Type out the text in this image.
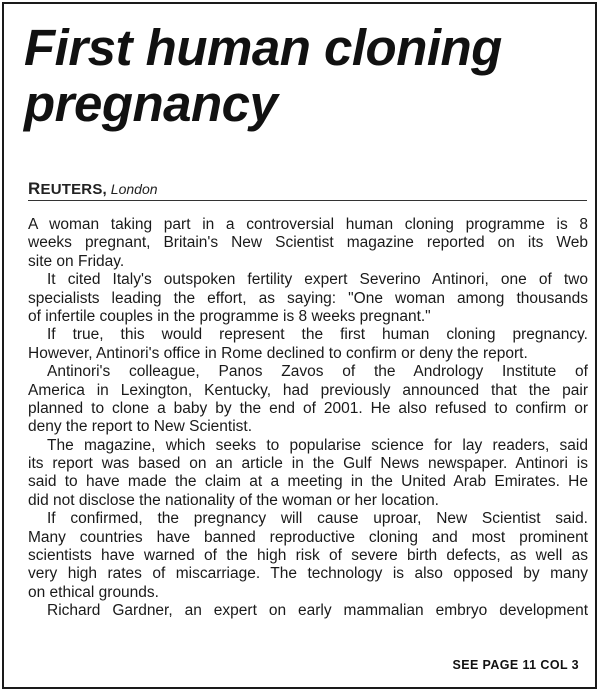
First human cloning
pregnancy
REUTERS, London
A woman taking part in a controversial human cloning programme is 8
weeks pregnant, Britain's New Scientist magazine reported on its Web
site on Friday.
It cited Italy's outspoken fertility expert Severino Antinori, one of two
specialists leading the effort, as saying: "One woman among thousands
of infertile couples in the programme is 8 weeks pregnant."
If true, this would represent the first human cloning pregnancy.
However, Antinori's office in Rome declined to confirm or deny the report.
Antinori's colleague, Panos Zavos of the Andrology Institute of
America in Lexington, Kentucky, had previously announced that the pair
planned to clone a baby by the end of 2001. He also refused to confirm or
deny the report to New Scientist.
The magazine, which seeks to popularise science for lay readers, said
its report was based on an article in the Gulf News newspaper. Antinori is
said to have made the claim at a meeting in the United Arab Emirates. He
did not disclose the nationality of the woman or her location.
If confirmed, the pregnancy will cause uproar, New Scientist said.
Many countries have banned reproductive cloning and most prominent
scientists have warned of the high risk of severe birth defects, as well as
very high rates of miscarriage. The technology is also opposed by many
on ethical grounds.
Richard Gardner, an expert on early mammalian embryo development
SEE PAGE 11 COL 3
